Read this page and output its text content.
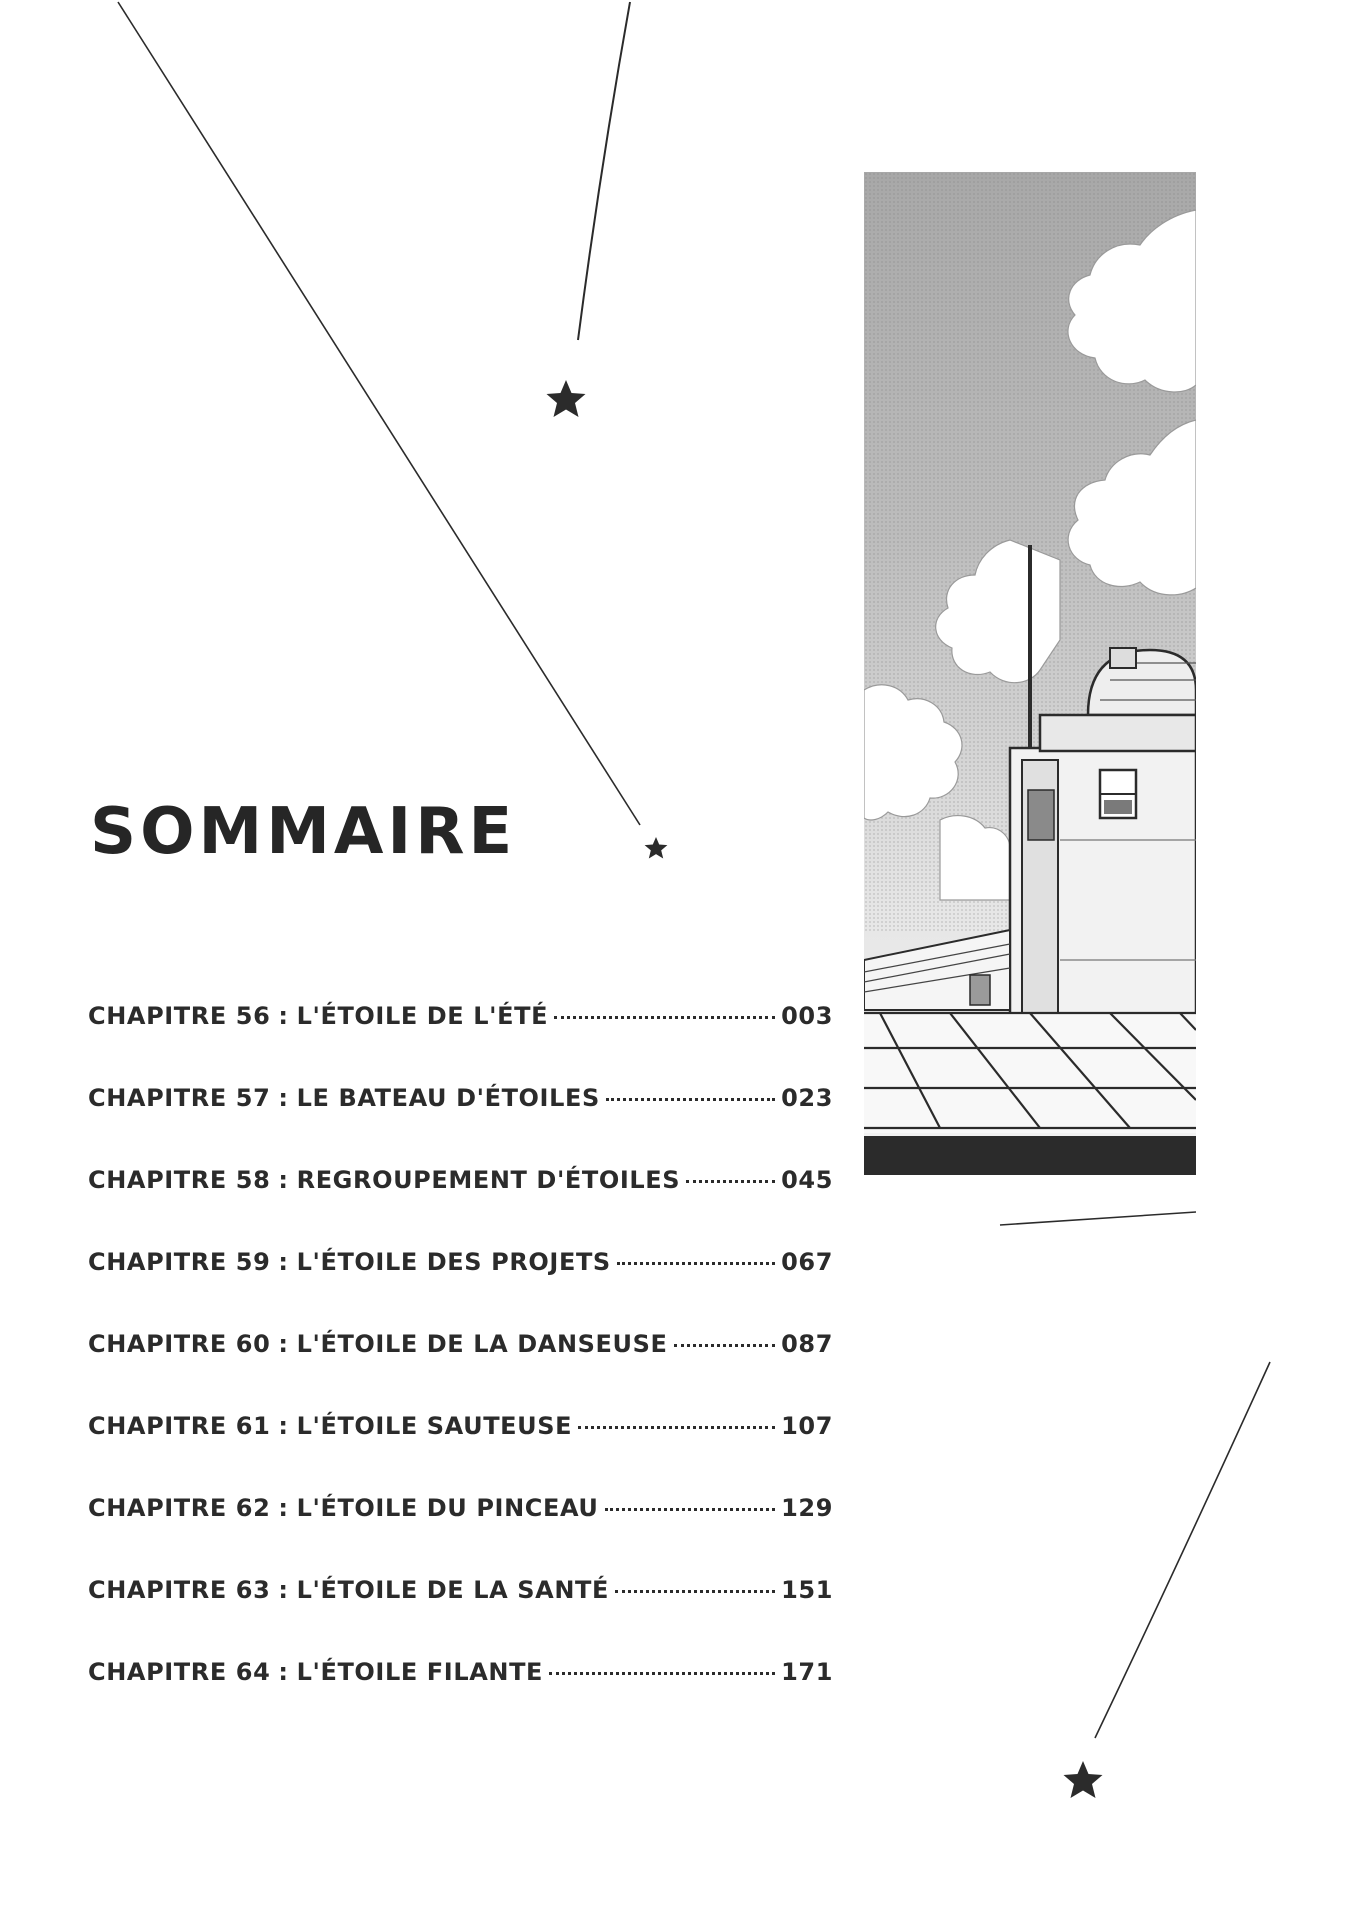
SOMMAIRE
CHAPITRE 56 : L'ÉTOILE DE L'ÉTÉ	003
CHAPITRE 57 : LE BATEAU D'ÉTOILES	023
CHAPITRE 58 : REGROUPEMENT D'ÉTOILES	045
CHAPITRE 59 : L'ÉTOILE DES PROJETS	067
CHAPITRE 60 : L'ÉTOILE DE LA DANSEUSE	087
CHAPITRE 61 : L'ÉTOILE SAUTEUSE	107
CHAPITRE 62 : L'ÉTOILE DU PINCEAU	129
CHAPITRE 63 : L'ÉTOILE DE LA SANTÉ	151
CHAPITRE 64 : L'ÉTOILE FILANTE	171
